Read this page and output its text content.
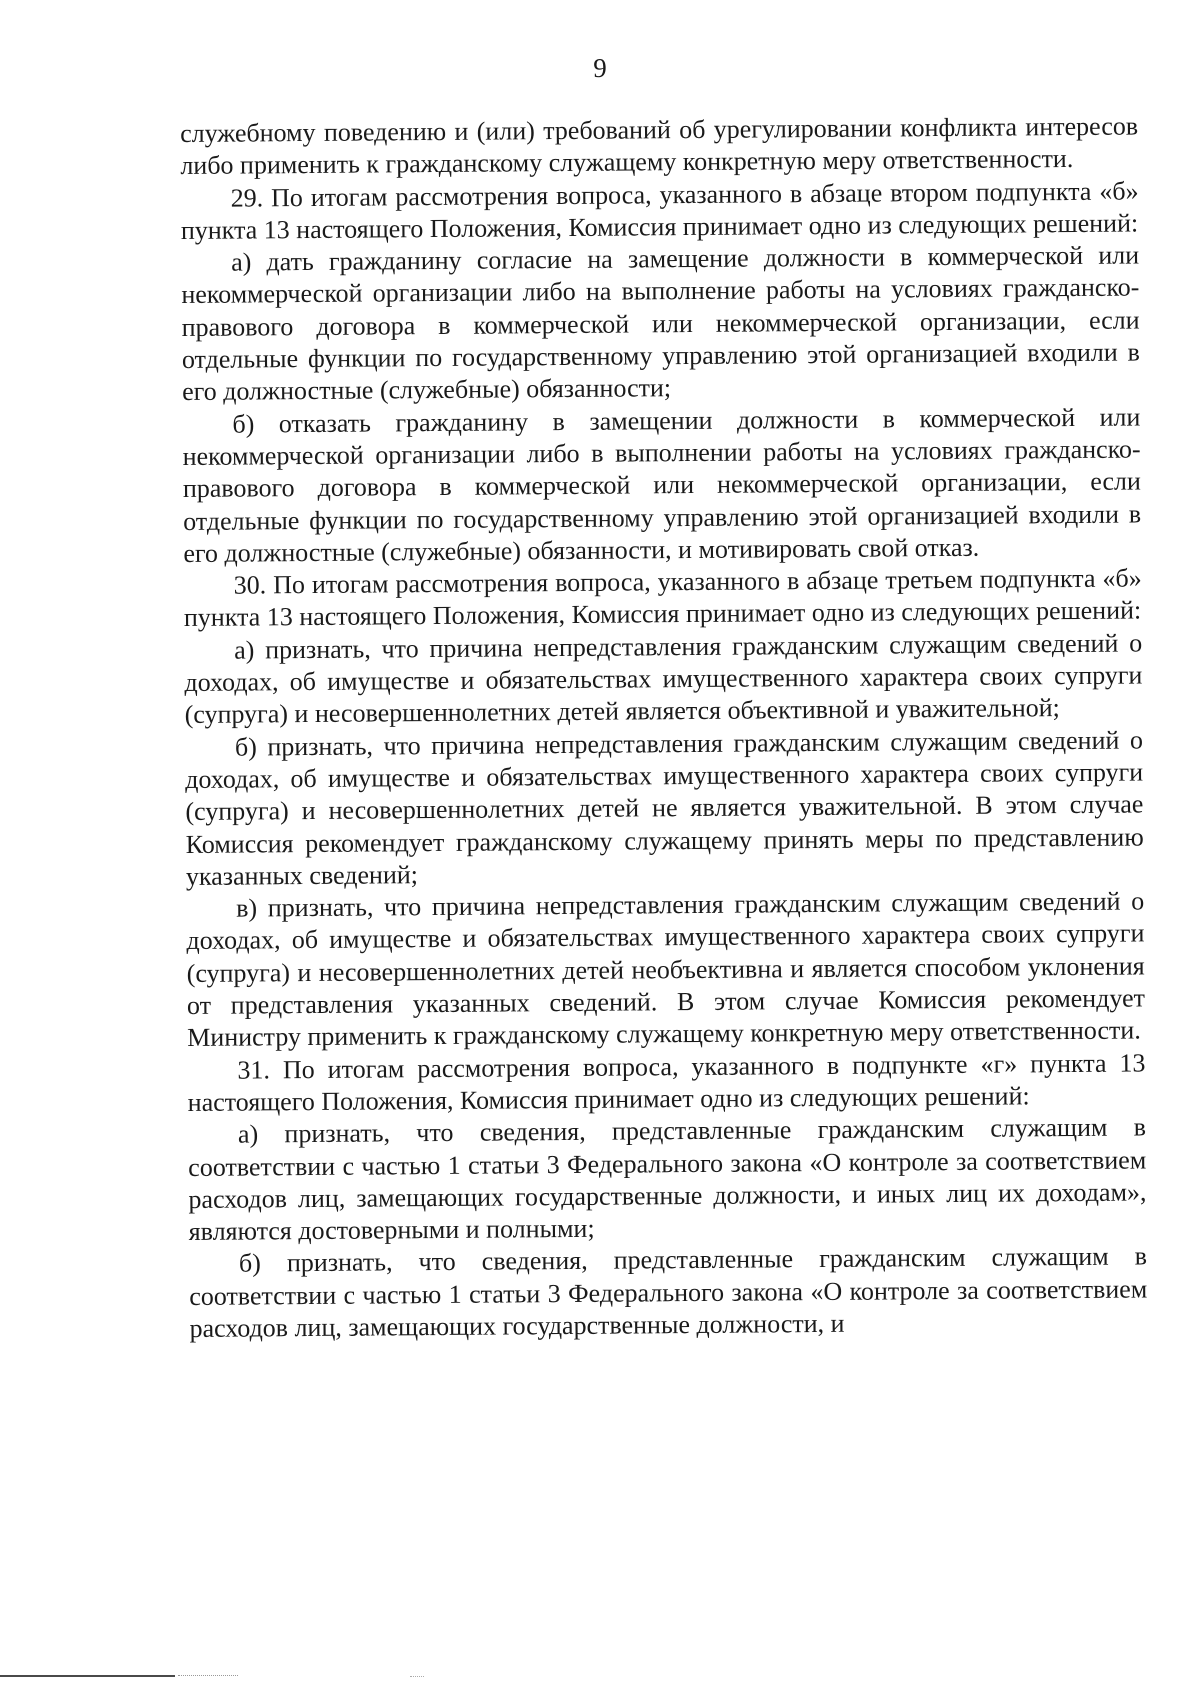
9

служебному поведению и (или) требований об урегулировании конфликта интересов либо применить к гражданскому служащему конкретную меру ответственности.

29. По итогам рассмотрения вопроса, указанного в абзаце втором подпункта «б» пункта 13 настоящего Положения, Комиссия принимает одно из следующих решений:

а) дать гражданину согласие на замещение должности в коммерческой или некоммерческой организации либо на выполнение работы на условиях гражданско-правового договора в коммерческой или некоммерческой организации, если отдельные функции по государственному управлению этой организацией входили в его должностные (служебные) обязанности;

б) отказать гражданину в замещении должности в коммерческой или некоммерческой организации либо в выполнении работы на условиях гражданско-правового договора в коммерческой или некоммерческой организации, если отдельные функции по государственному управлению этой организацией входили в его должностные (служебные) обязанности, и мотивировать свой отказ.

30. По итогам рассмотрения вопроса, указанного в абзаце третьем подпункта «б» пункта 13 настоящего Положения, Комиссия принимает одно из следующих решений:

а) признать, что причина непредставления гражданским служащим сведений о доходах, об имуществе и обязательствах имущественного характера своих супруги (супруга) и несовершеннолетних детей является объективной и уважительной;

б) признать, что причина непредставления гражданским служащим сведений о доходах, об имуществе и обязательствах имущественного характера своих супруги (супруга) и несовершеннолетних детей не является уважительной. В этом случае Комиссия рекомендует гражданскому служащему принять меры по представлению указанных сведений;

в) признать, что причина непредставления гражданским служащим сведений о доходах, об имуществе и обязательствах имущественного характера своих супруги (супруга) и несовершеннолетних детей необъективна и является способом уклонения от представления указанных сведений. В этом случае Комиссия рекомендует Министру применить к гражданскому служащему конкретную меру ответственности.

31. По итогам рассмотрения вопроса, указанного в подпункте «г» пункта 13 настоящего Положения, Комиссия принимает одно из следующих решений:

а) признать, что сведения, представленные гражданским служащим в соответствии с частью 1 статьи 3 Федерального закона «О контроле за соответствием расходов лиц, замещающих государственные должности, и иных лиц их доходам», являются достоверными и полными;

б) признать, что сведения, представленные гражданским служащим в соответствии с частью 1 статьи 3 Федерального закона «О контроле за соответствием расходов лиц, замещающих государственные должности, и
